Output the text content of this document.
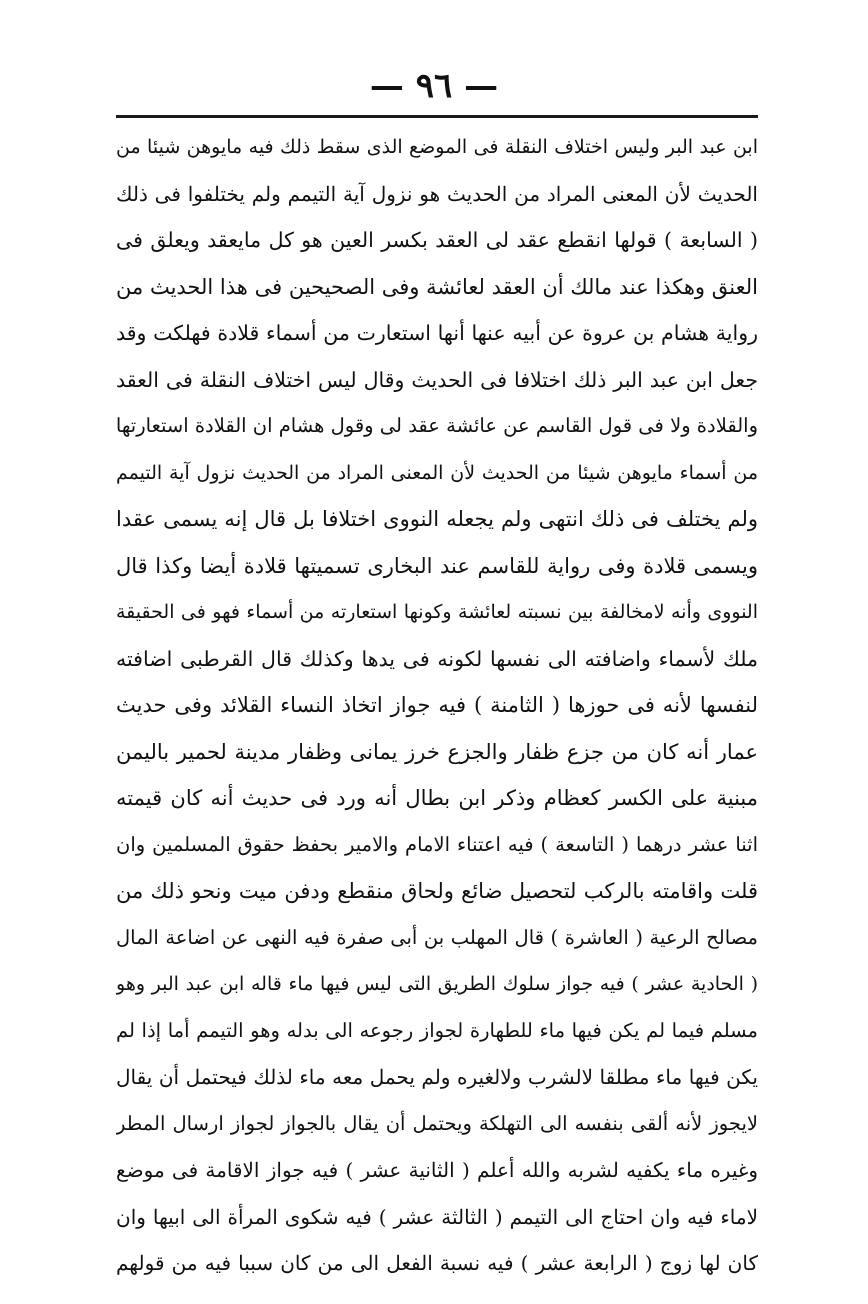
— ٩٦ —
ابن عبد البر وليس اختلاف النقلة فى الموضع الذى سقط ذلك فيه مايوهن شيئا من
الحديث لأن المعنى المراد من الحديث هو نزول آية التيمم ولم يختلفوا فى ذلك
( السابعة ) قولها انقطع عقد لى العقد بكسر العين هو كل مايعقد ويعلق فى
العنق وهكذا عند مالك أن العقد لعائشة وفى الصحيحين فى هذا الحديث من
رواية هشام بن عروة عن أبيه عنها أنها استعارت من أسماء قلادة فهلكت وقد
جعل ابن عبد البر ذلك اختلافا فى الحديث وقال ليس اختلاف النقلة فى العقد
والقلادة ولا فى قول القاسم عن عائشة عقد لى وقول هشام ان القلادة استعارتها
من أسماء مايوهن شيئا من الحديث لأن المعنى المراد من الحديث نزول آية التيمم
ولم يختلف فى ذلك انتهى ولم يجعله النووى اختلافا بل قال إنه يسمى عقدا
ويسمى قلادة وفى رواية للقاسم عند البخارى تسميتها قلادة أيضا وكذا قال
النووى وأنه لامخالفة بين نسبته لعائشة وكونها استعارته من أسماء فهو فى الحقيقة
ملك لأسماء واضافته الى نفسها لكونه فى يدها وكذلك قال القرطبى اضافته
لنفسها لأنه فى حوزها ( الثامنة ) فيه جواز اتخاذ النساء القلائد وفى حديث
عمار أنه كان من جزع ظفار والجزع خرز يمانى وظفار مدينة لحمير باليمن
مبنية على الكسر كعظام وذكر ابن بطال أنه ورد فى حديث أنه كان قيمته
اثنا عشر درهما ( التاسعة ) فيه اعتناء الامام والامير بحفظ حقوق المسلمين وان
قلت واقامته بالركب لتحصيل ضائع ولحاق منقطع ودفن ميت ونحو ذلك من
مصالح الرعية ( العاشرة ) قال المهلب بن أبى صفرة فيه النهى عن اضاعة المال
( الحادية عشر ) فيه جواز سلوك الطريق التى ليس فيها ماء قاله ابن عبد البر وهو
مسلم فيما لم يكن فيها ماء للطهارة لجواز رجوعه الى بدله وهو التيمم أما إذا لم
يكن فيها ماء مطلقا لالشرب ولالغيره ولم يحمل معه ماء لذلك فيحتمل أن يقال
لايجوز لأنه ألقى بنفسه الى التهلكة ويحتمل أن يقال بالجواز لجواز ارسال المطر
وغيره ماء يكفيه لشربه والله أعلم ( الثانية عشر ) فيه جواز الاقامة فى موضع
لاماء فيه وان احتاج الى التيمم ( الثالثة عشر ) فيه شكوى المرأة الى ابيها وان
كان لها زوج ( الرابعة عشر ) فيه نسبة الفعل الى من كان سببا فيه من قولهم
